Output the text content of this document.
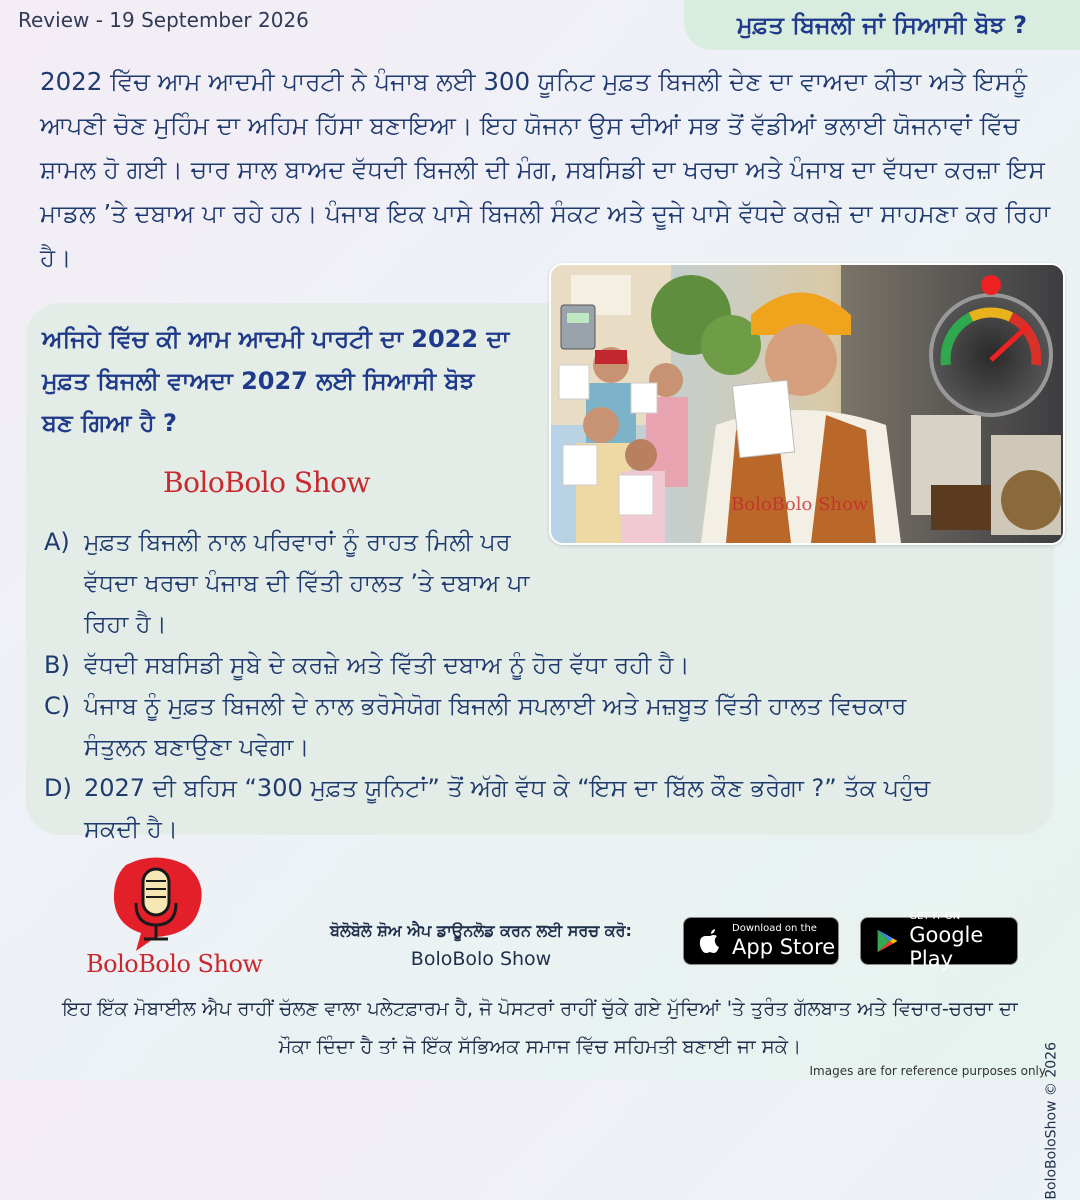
Review - 19 September 2026	ਮੁਫ਼ਤ ਬਿਜਲੀ ਜਾਂ ਸਿਆਸੀ ਬੋਝ ?

2022 ਵਿੱਚ ਆਮ ਆਦਮੀ ਪਾਰਟੀ ਨੇ ਪੰਜਾਬ ਲਈ 300 ਯੂਨਿਟ ਮੁਫ਼ਤ ਬਿਜਲੀ ਦੇਣ ਦਾ ਵਾਅਦਾ ਕੀਤਾ ਅਤੇ ਇਸਨੂੰ ਆਪਣੀ ਚੋਣ ਮੁਹਿੰਮ ਦਾ ਅਹਿਮ ਹਿੱਸਾ ਬਣਾਇਆ। ਇਹ ਯੋਜਨਾ ਉਸ ਦੀਆਂ ਸਭ ਤੋਂ ਵੱਡੀਆਂ ਭਲਾਈ ਯੋਜਨਾਵਾਂ ਵਿੱਚ ਸ਼ਾਮਲ ਹੋ ਗਈ। ਚਾਰ ਸਾਲ ਬਾਅਦ ਵੱਧਦੀ ਬਿਜਲੀ ਦੀ ਮੰਗ, ਸਬਸਿਡੀ ਦਾ ਖਰਚਾ ਅਤੇ ਪੰਜਾਬ ਦਾ ਵੱਧਦਾ ਕਰਜ਼ਾ ਇਸ ਮਾਡਲ ’ਤੇ ਦਬਾਅ ਪਾ ਰਹੇ ਹਨ। ਪੰਜਾਬ ਇਕ ਪਾਸੇ ਬਿਜਲੀ ਸੰਕਟ ਅਤੇ ਦੂਜੇ ਪਾਸੇ ਵੱਧਦੇ ਕਰਜ਼ੇ ਦਾ ਸਾਹਮਣਾ ਕਰ ਰਿਹਾ ਹੈ।

ਅਜਿਹੇ ਵਿੱਚ ਕੀ ਆਮ ਆਦਮੀ ਪਾਰਟੀ ਦਾ 2022 ਦਾ ਮੁਫ਼ਤ ਬਿਜਲੀ ਵਾਅਦਾ 2027 ਲਈ ਸਿਆਸੀ ਬੋਝ ਬਣ ਗਿਆ ਹੈ ?
BoloBolo Show
BoloBolo Show
A) ਮੁਫ਼ਤ ਬਿਜਲੀ ਨਾਲ ਪਰਿਵਾਰਾਂ ਨੂੰ ਰਾਹਤ ਮਿਲੀ ਪਰ ਵੱਧਦਾ ਖਰਚਾ ਪੰਜਾਬ ਦੀ ਵਿੱਤੀ ਹਾਲਤ ’ਤੇ ਦਬਾਅ ਪਾ ਰਿਹਾ ਹੈ।
B) ਵੱਧਦੀ ਸਬਸਿਡੀ ਸੂਬੇ ਦੇ ਕਰਜ਼ੇ ਅਤੇ ਵਿੱਤੀ ਦਬਾਅ ਨੂੰ ਹੋਰ ਵੱਧਾ ਰਹੀ ਹੈ।
C) ਪੰਜਾਬ ਨੂੰ ਮੁਫ਼ਤ ਬਿਜਲੀ ਦੇ ਨਾਲ ਭਰੋਸੇਯੋਗ ਬਿਜਲੀ ਸਪਲਾਈ ਅਤੇ ਮਜ਼ਬੂਤ ਵਿੱਤੀ ਹਾਲਤ ਵਿਚਕਾਰ ਸੰਤੁਲਨ ਬਣਾਉਣਾ ਪਵੇਗਾ।
D) 2027 ਦੀ ਬਹਿਸ “300 ਮੁਫ਼ਤ ਯੂਨਿਟਾਂ” ਤੋਂ ਅੱਗੇ ਵੱਧ ਕੇ “ਇਸ ਦਾ ਬਿੱਲ ਕੌਣ ਭਰੇਗਾ ?” ਤੱਕ ਪਹੁੰਚ ਸਕਦੀ ਹੈ।
BoloBolo Show
ਬੋਲੋਬੋਲੋ ਸ਼ੋਅ ਐਪ ਡਾਊਨਲੋਡ ਕਰਨ ਲਈ ਸਰਚ ਕਰੋ:
BoloBolo Show
Download on the
App Store
GET IT ON
Google Play
ਇਹ ਇੱਕ ਮੋਬਾਈਲ ਐਪ ਰਾਹੀਂ ਚੱਲਣ ਵਾਲਾ ਪਲੇਟਫ਼ਾਰਮ ਹੈ, ਜੋ ਪੋਸਟਰਾਂ ਰਾਹੀਂ ਚੁੱਕੇ ਗਏ ਮੁੱਦਿਆਂ 'ਤੇ ਤੁਰੰਤ ਗੱਲਬਾਤ ਅਤੇ ਵਿਚਾਰ-ਚਰਚਾ ਦਾ ਮੌਕਾ ਦਿੰਦਾ ਹੈ ਤਾਂ ਜੋ ਇੱਕ ਸੱਭਿਅਕ ਸਮਾਜ ਵਿੱਚ ਸਹਿਮਤੀ ਬਣਾਈ ਜਾ ਸਕੇ।	BoloBoloShow © 2026
Images are for reference purposes only
